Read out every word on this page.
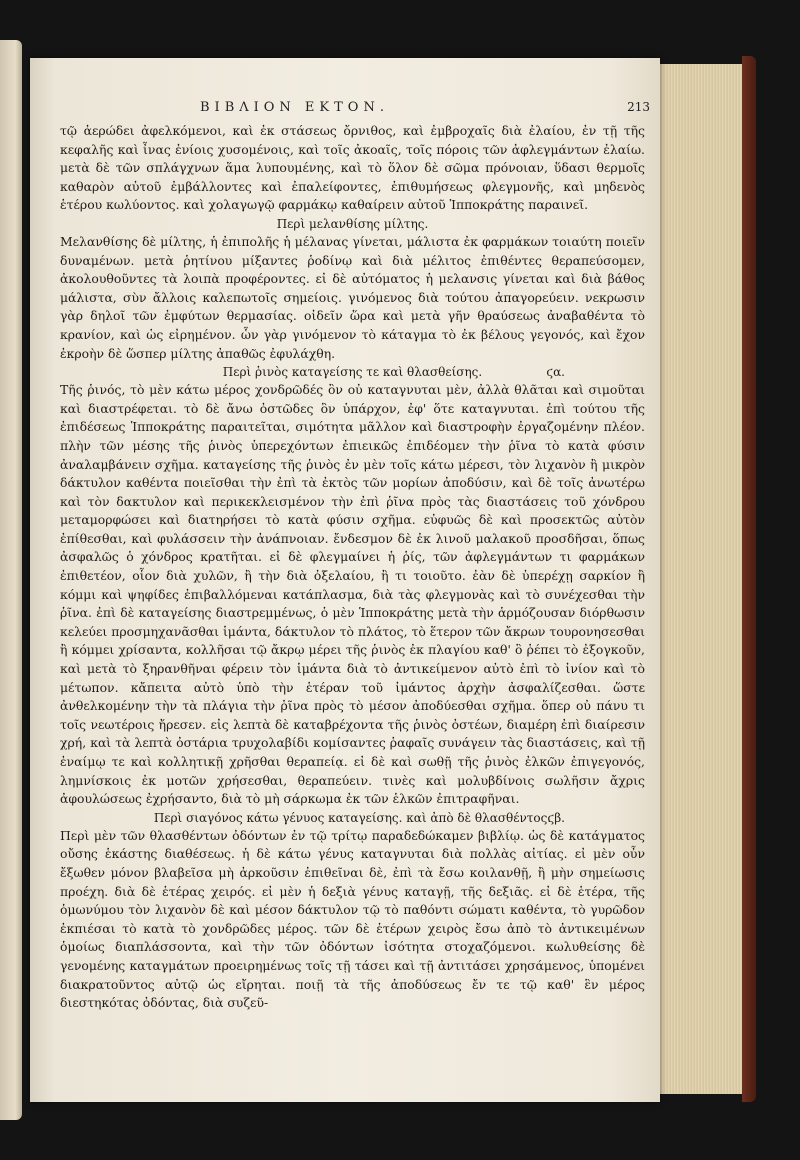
ΒΙΒΛΙΟΝ ΕΚΤΟΝ.	213

τῷ ἀερώδει ἀφελκόμενοι, καὶ ἐκ στάσεως ὄρνιθος, καὶ ἐμβροχαῖς διὰ ἐλαίου, ἐν τῇ τῆς κεφαλῆς καὶ ἶνας ἐνίοις χυσομένοις, καὶ τοῖς ἀκοαῖς, τοῖς πόροις τῶν ἀφλεγμάντων ἐλαίω. μετὰ δὲ τῶν σπλάγχνων ἅμα λυπουμένης, καὶ τὸ ὅλον δὲ σῶμα πρόνοιαν, ὕδασι θερμοῖς καθαρὸν αὐτοῦ ἐμβάλλοντες καὶ ἐπαλείφοντες, ἐπιθυμήσεως φλεγμονῆς, καὶ μηδενὸς ἑτέρου κωλύοντος. καὶ χολαγωγῷ φαρμάκῳ καθαίρειν αὐτοῦ Ἱπποκράτης παραινεῖ.

Περὶ μελανθίσης μίλτης.

Μελανθίσης δὲ μίλτης, ἡ ἐπιπολῆς ἡ μέλανας γίνεται, μάλιστα ἐκ φαρμάκων τοιαύτη ποιεῖν δυναμένων. μετὰ ῥητίνου μίξαντες ῥοδίνῳ καὶ διὰ μέλιτος ἐπιθέντες θεραπεύσομεν, ἀκολουθοῦντες τὰ λοιπὰ προφέροντες. εἰ δὲ αὐτόματος ἡ μελανσις γίνεται καὶ διὰ βάθος μάλιστα, σὺν ἄλλοις καλεπωτοῖς σημείοις. γινόμενος διὰ τούτου ἀπαγορεύειν. νεκρωσιν γὰρ δηλοῖ τῶν ἐμφύτων θερμασίας. οἰδεῖν ὥρα καὶ μετὰ γῆν θραύσεως ἀναβαθέντα τὸ κρανίον, καὶ ὡς εἰρημένον. ὧν γὰρ γινόμενον τὸ κάταγμα τὸ ἐκ βέλους γεγονός, καὶ ἔχον ἐκροὴν δὲ ὥσπερ μίλτης ἀπαθῶς ἐφυλάχθη.

Περὶ ῥινὸς καταγείσης τε καὶ θλασθείσης.	ϛα.

Τῆς ῥινός, τὸ μὲν κάτω μέρος χονδρῶδές ὂν οὐ καταγνυται μὲν, ἀλλὰ θλᾶται καὶ σιμοῦται καὶ διαστρέφεται. τὸ δὲ ἄνω ὀστῶδες ὂν ὑπάρχον, ἐφ' ὅτε καταγνυται. ἐπὶ τούτου τῆς ἐπιδέσεως Ἱπποκράτης παραιτεῖται, σιμότητα μᾶλλον καὶ διαστροφὴν ἐργαζομένην πλέον. πλὴν τῶν μέσης τῆς ῥινὸς ὑπερεχόντων ἐπιεικῶς ἐπιδέομεν τὴν ῥῖνα τὸ κατὰ φύσιν ἀναλαμβάνειν σχῆμα. καταγείσης τῆς ῥινὸς ἐν μὲν τοῖς κάτω μέρεσι, τὸν λιχανὸν ἢ μικρὸν δάκτυλον καθέντα ποιεῖσθαι τὴν ἐπὶ τὰ ἐκτὸς τῶν μορίων ἀποδύσιν, καὶ δὲ τοῖς ἀνωτέρω καὶ τὸν δακτυλον καὶ περικεκλεισμένον τὴν ἐπὶ ῥῖνα πρὸς τὰς διαστάσεις τοῦ χόνδρου μεταμορφώσει καὶ διατηρήσει τὸ κατὰ φύσιν σχῆμα. εὐφυῶς δὲ καὶ προσεκτῶς αὐτὸν ἐπίθεσθαι, καὶ φυλάσσειν τὴν ἀνάπνοιαν. ἔνδεσμον δὲ ἐκ λινοῦ μαλακοῦ προσδῆσαι, ὅπως ἀσφαλῶς ὁ χόνδρος κρατῆται. εἰ δὲ φλεγμαίνει ἡ ῥίς, τῶν ἀφλεγμάντων τι φαρμάκων ἐπιθετέον, οἷον διὰ χυλῶν, ἢ τὴν διὰ ὀξελαίου, ἢ τι τοιοῦτο. ἐὰν δὲ ὑπερέχῃ σαρκίον ἢ κόμμι καὶ ψηφίδες ἐπιβαλλόμεναι κατάπλασμα, διὰ τὰς φλεγμονὰς καὶ τὸ συνέχεσθαι τὴν ῥῖνα. ἐπὶ δὲ καταγείσης διαστρεμμένως, ὁ μὲν Ἱπποκράτης μετὰ τὴν ἁρμόζουσαν διόρθωσιν κελεύει προσμηχανᾶσθαι ἱμάντα, δάκτυλον τὸ πλάτος, τὸ ἕτερον τῶν ἄκρων τουρονησεσθαι ἢ κόμμει χρίσαντα, κολλῆσαι τῷ ἄκρῳ μέρει τῆς ῥινὸς ἐκ πλαγίου καθ' ὃ ῥέπει τὸ ἐξογκοῦν, καὶ μετὰ τὸ ξηρανθῆναι φέρειν τὸν ἱμάντα διὰ τὸ ἀντικείμενον αὐτὸ ἐπὶ τὸ ἰνίον καὶ τὸ μέτωπον. κἄπειτα αὐτὸ ὑπὸ τὴν ἑτέραν τοῦ ἱμάντος ἀρχὴν ἀσφαλίζεσθαι. ὥστε ἀνθελκομένην τὴν τὰ πλάγια τὴν ῥῖνα πρὸς τὸ μέσον ἀποδύεσθαι σχῆμα. ὅπερ οὐ πάνυ τι τοῖς νεωτέροις ἤρεσεν. εἰς λεπτὰ δὲ καταβρέχοντα τῆς ῥινὸς ὀστέων, διαμέρη ἐπὶ διαίρεσιν χρή, καὶ τὰ λεπτὰ ὀστάρια τρυχολαβίδι κομίσαντες ῥαφαῖς συνάγειν τὰς διαστάσεις, καὶ τῇ ἐναίμῳ τε καὶ κολλητικῇ χρῆσθαι θεραπείᾳ. εἰ δὲ καὶ σωθῇ τῆς ῥινὸς ἐλκῶν ἐπιγεγονός, λημνίσκοις ἐκ μοτῶν χρήσεσθαι, θεραπεύειν. τινὲς καὶ μολυβδίνοις σωλῆσιν ἄχρις ἀφουλώσεως ἐχρήσαντο, διὰ τὸ μὴ σάρκωμα ἐκ τῶν ἑλκῶν ἐπιτραφῆναι.

Περὶ σιαγόνος κάτω γένυος καταγείσης. καὶ ἀπὸ δὲ θλασθέντος.
ϛβ.

Περὶ μὲν τῶν θλασθέντων ὀδόντων ἐν τῷ τρίτῳ παραδεδώκαμεν βιβλίῳ. ὡς δὲ κατάγματος οὔσης ἑκάστης διαθέσεως. ἡ δὲ κάτω γένυς καταγνυται διὰ πολλὰς αἰτίας. εἰ μὲν οὖν ἔξωθεν μόνον βλαβεῖσα μὴ ἀρκοῦσιν ἐπιθεῖναι δὲ, ἐπὶ τὰ ἔσω κοιλανθῇ, ἢ μὴν σημείωσις προέχη. διὰ δὲ ἑτέρας χειρός. εἰ μὲν ἡ δεξιὰ γένυς καταγῇ, τῆς δεξιᾶς. εἰ δὲ ἑτέρα, τῆς ὁμωνύμου τὸν λιχανὸν δὲ καὶ μέσον δάκτυλον τῷ τὸ παθόντι σώματι καθέντα, τὸ γυρῶδον ἐκπιέσαι τὸ κατὰ τὸ χονδρῶδες μέρος. τῶν δὲ ἑτέρων χειρὸς ἔσω ἀπὸ τὸ ἀντικειμένων ὁμοίως διαπλάσσοντα, καὶ τὴν τῶν ὀδόντων ἰσότητα στοχαζόμενοι. κωλυθείσης δὲ γενομένης καταγμάτων προειρημένως τοῖς τῇ τάσει καὶ τῇ ἀντιτάσει χρησάμενος, ὑπομένει διακρατοῦντος αὐτῷ ὡς εἴρηται. ποιῇ τὰ τῆς ἀποδύσεως ἔν τε τῷ καθ' ἓν μέρος διεστηκότας ὀδόντας, διὰ συζεῦ-
